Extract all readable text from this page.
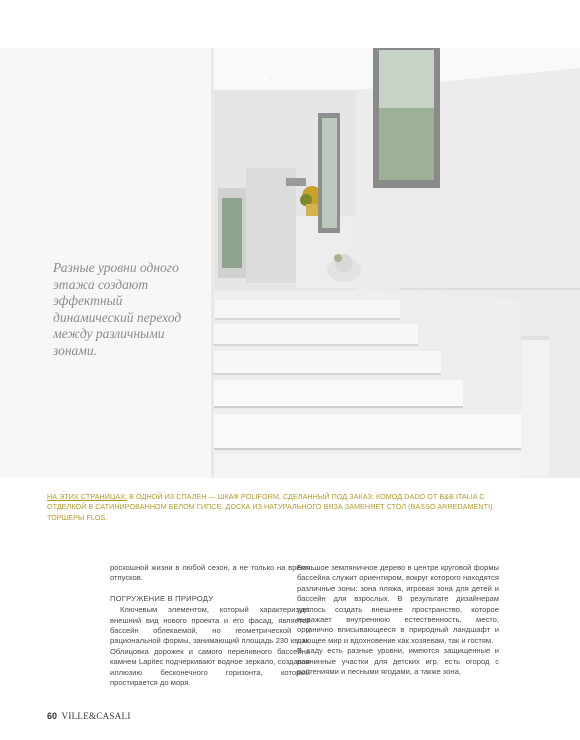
Разные уровни одного этажа создают эффектный динамический переход между различными зонами.
НА ЭТИХ СТРАНИЦАХ: В ОДНОЙ ИЗ СПАЛЕН — ШКАФ POLIFORM, СДЕЛАННЫЙ ПОД ЗАКАЗ; КОМОД DADO ОТ B&B ITALIA С ОТДЕЛКОЙ В САТИНИРОВАННОМ БЕЛОМ ГИПСЕ. ДОСКА ИЗ НАТУРАЛЬНОГО ВЯЗА ЗАМЕНЯЕТ СТОЛ (BASSO ARREDAMENTI). ТОРШЕРЫ FLOS.

роскошной жизни в любой сезон, а не только на время отпусков.

ПОГРУЖЕНИЕ В ПРИРОДУ

Ключевым элементом, который характеризует внешний вид нового проекта и его фасад, является бассейн облекаемой, но геометрической и рациональной формы, занимающий площадь 230 кв. м. Облицовка дорожек и самого переливного бассейна камнем Lapitec подчеркивают водное зеркало, создавая иллюзию бесконечного горизонта, который простирается до моря.

Большое земляничное дерево в центре круговой формы бассейна служит ориентиром, вокруг которого находятся различные зоны: зона пляжа, игровая зона для детей и бассейн для взрослых. В результате дизайнерам удалось создать внешнее пространство, которое выражает внутреннюю естественность, место, органично вписывающееся в природный ландшафт и дающее мир и вдохновение как хозяевам, так и гостям.

В саду есть разные уровни, имеются защищенные и равнинные участки для детских игр, есть огород с растениями и лесными ягодами, а также зона,

60 VILLE&CASALI
